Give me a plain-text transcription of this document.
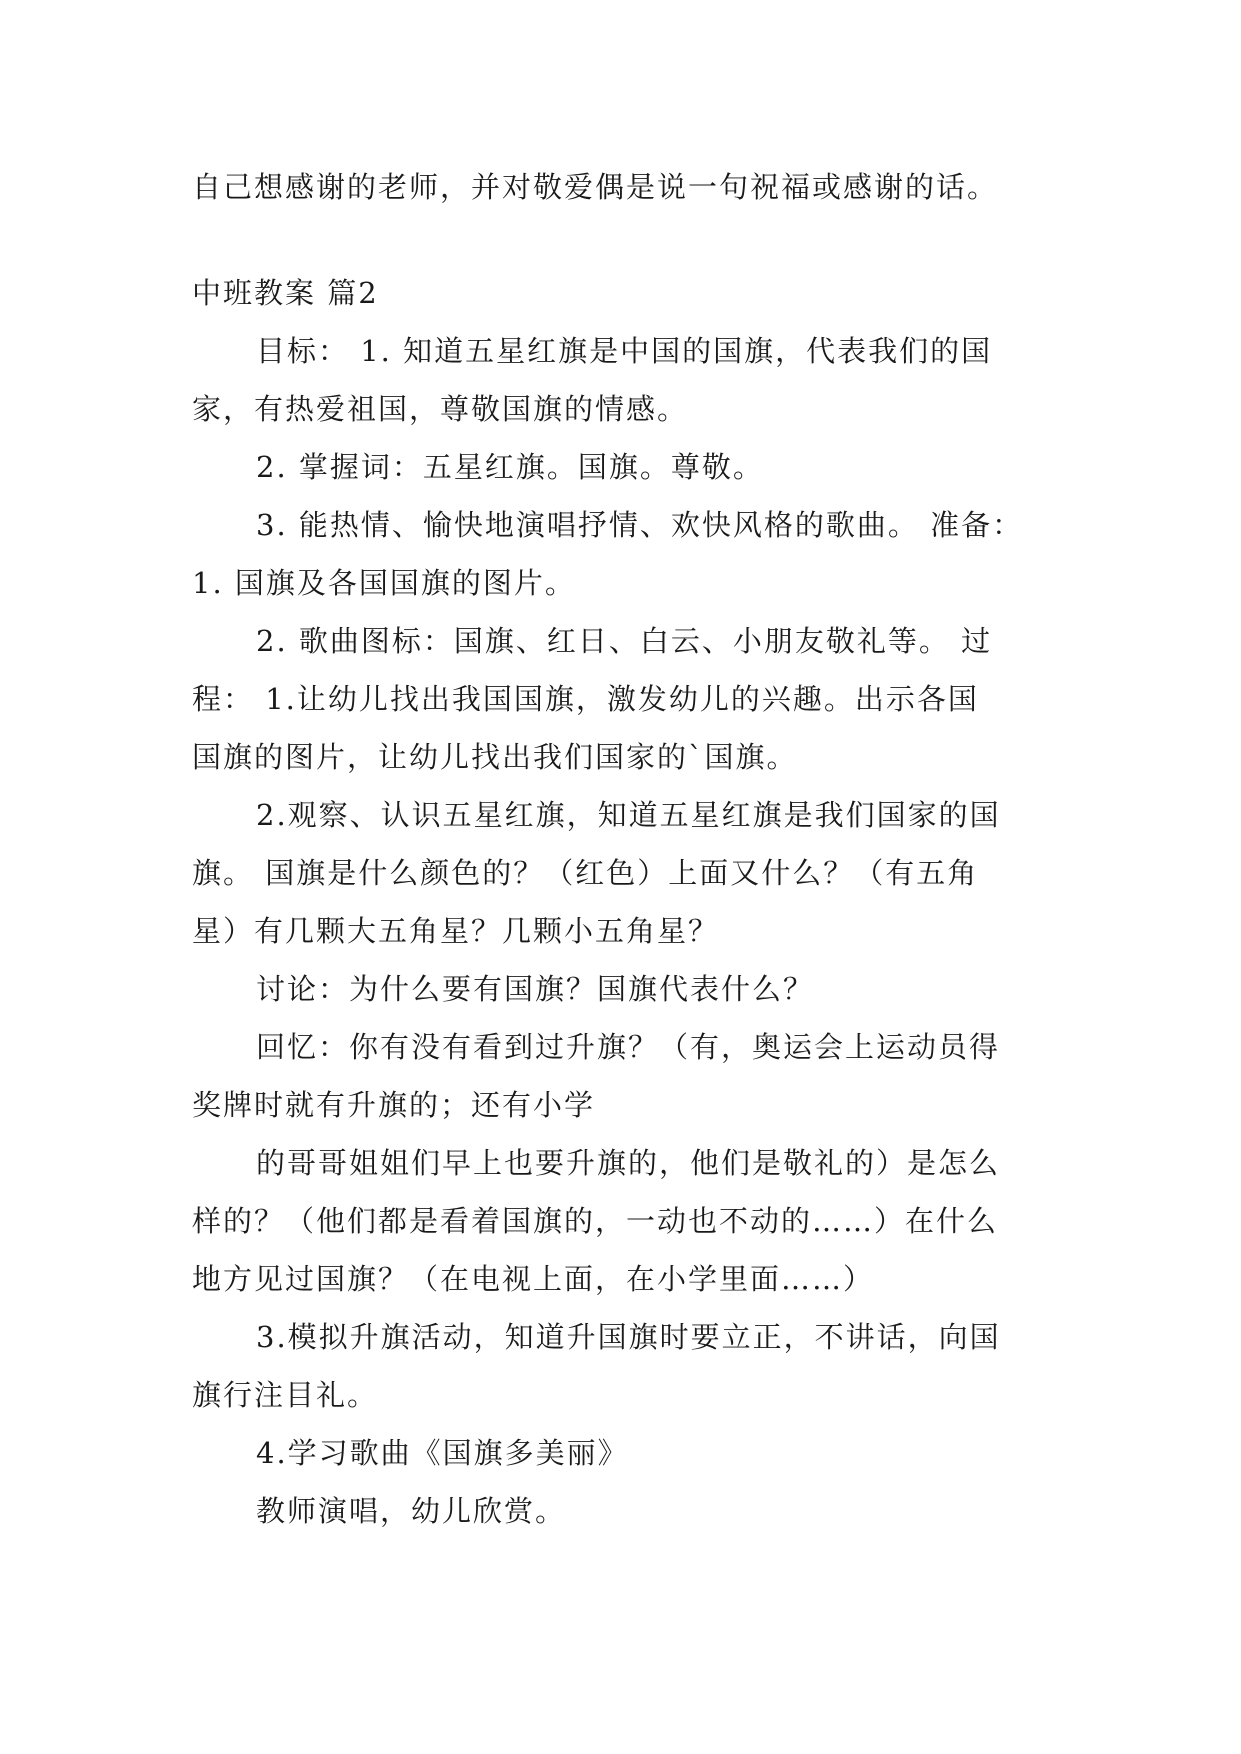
自己想感谢的老师，并对敬爱偶是说一句祝福或感谢的话。
中班教案 篇2
目标： 1. 知道五星红旗是中国的国旗，代表我们的国
家，有热爱祖国，尊敬国旗的情感。
2. 掌握词：五星红旗。国旗。尊敬。
3. 能热情、愉快地演唱抒情、欢快风格的歌曲。 准备：
1. 国旗及各国国旗的图片。
2. 歌曲图标：国旗、红日、白云、小朋友敬礼等。 过
程： 1.让幼儿找出我国国旗，激发幼儿的兴趣。出示各国
国旗的图片，让幼儿找出我们国家的`国旗。
2.观察、认识五星红旗，知道五星红旗是我们国家的国
旗。 国旗是什么颜色的？（红色）上面又什么？（有五角
星）有几颗大五角星？几颗小五角星？
讨论：为什么要有国旗？国旗代表什么？
回忆：你有没有看到过升旗？（有，奥运会上运动员得
奖牌时就有升旗的；还有小学
的哥哥姐姐们早上也要升旗的，他们是敬礼的）是怎么
样的？（他们都是看着国旗的，一动也不动的……）在什么
地方见过国旗？（在电视上面，在小学里面……）
3.模拟升旗活动，知道升国旗时要立正，不讲话，向国
旗行注目礼。
4.学习歌曲《国旗多美丽》
教师演唱，幼儿欣赏。
